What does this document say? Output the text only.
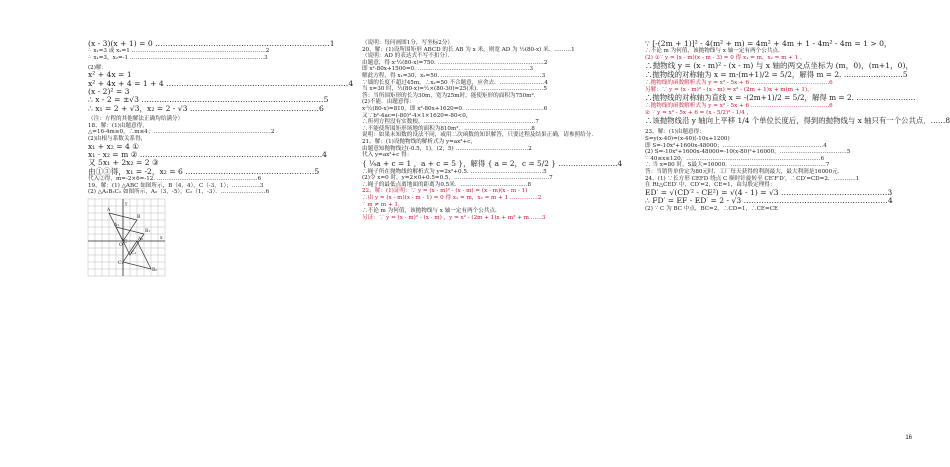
(x - 3)(x + 1) = 0 ……………………………………………………………1
∴ x₁=3 或 x₂=1 ………………………………………………………………2
∴ x₁=3，x₂=-1 ………………………………………………………………3
(2)解：
x² + 4x = 1
x² + 4x + 4 = 1 + 4 ………………………………………………………………4
(x - 2)² = 3
∴ x - 2 = ±√3 ………………………………………………………………5
∴ x₁ = 2 + √3，x₂ = 2 - √3 ……………………………………………6
（注：方程的其他解法正确均给满分）
18、解：(1)由题意得，
△=16-4m≥0，∴m≤4；………………………………………………………2
(2)由根与系数关系得，
x₁ + x₂ = 4 ①
x₁ · x₂ = m ② ………………………………………………………………4
又 5x₁ + 2x₂ = 2 ③
由①③得，x₁ = -2，x₂ = 6 ……………………………………………5
代入②得，m=-2×6=-12. ………………………………………………6
19、解：(1) △ABC 如图所示，B（4，4），C（-3，1）；……………3
(2) △A₂B₂C₂ 如图所示，A₂（3，-5），C₂（1，-3）．……………………6
A
B
C
A₁
B₁
C₁
A₂
B₂
C₂
O
x
y
（说明：每问画图1分，写坐标2分）
20、解：(1)设所围矩形 ABCD 的长 AB 为 x 米，则宽 AD 为 ½(80-x) 米．………1
（说明：AD 的表达式不写不扣分）．
由题意，得 x·½(80-x)=750. …………………………………………………2
即 x²-80x+1500=0. ……………………………………………………3
解此方程，得 x₁=30，x₂=50. ………………………………………………3
∵墙的长度不超过45m，∴x₂=50 不合题意，应舍去．……………………4
当 x=30 时，½(80-x)=½×(80-30)=25(米)．……………………………5
答：当所围矩形的长为30m，宽为25m时，能使矩形的面积为750m²．
(2)不能．由题意得：
x·½(80-x)=810，即 x²-80x+1620=0. ……………………………………6
又∵b²-4ac=(-80)²-4×1×1620=-80<0，
∴所列方程没有实数根，……………………………………………………7
∴不能使所围矩形场地的面积为810m²．………………………………8
说明：如果未知数的设法不同，或用二次函数的知识解答，只要过程及结果正确，请参照给分．
21、解：(1)设抛物线的解析式为 y=ax²+c，
由题意知抛物线过(-0.5，1)，(2，5) …………………………………2
代入 y=ax²+c 得：
{ ¼a + c = 1 ，a + c = 5 }，解得 { a = 2，c = 5/2 } ……………………4
∴绳子所在抛物线的解析式为 y=2x²+0.5. …………………………………5
(2)令 x=0 时，y=2×0+0.5=0.5，……………………………………………7
∴绳子的最低点离地面的距离为0.5米．………………………………8
22、解：(1)证明：∵ y = (x - m)² - (x - m) = (x - m)(x - m - 1)
∴由 y = (x - m)(x - m - 1) = 0 得 x₁ = m，x₂ = m + 1 ……………2
∵ m ≠ m + 1，
∴不论 m 为何值，该抛物线与 x 轴一定有两个公共点．
另证：∵ y = (x - m)² - (x - m) ，y = x² - (2m + 1)x + m² + m ……3
∵ [-(2m + 1)]² - 4(m² + m) = 4m² + 4m + 1 - 4m² - 4m = 1 > 0，
∴不论 m 为何值，该抛物线与 x 轴一定有两个公共点．
(2) ①∵ y = (x - m)(x - m - 3) = 0 得 x₁ = m，x₂ = m + 1 ，
∴抛物线 y = (x - m)² - (x - m) 与 x 轴的两交点坐标为 (m，0)，(m+1，0)，
∴抛物线的对称轴为 x = m·(m+1)/2 = 5/2，解得 m = 2. ……………………5
∴抛物线的函数解析式为 y = x² - 5x + 6 ……………………………………6
另解：∵ y = (x - m)² - (x - m) = x² - (2m + 1)x + m(m + 1)，
∴抛物线的对称轴为直线 x = -(2m+1)/2 = 5/2，解得 m = 2. ……………………
∴抛物线的函数解析式为 y = x² - 5x + 6 ……………………………………6
② ∵ y = x² - 5x + 6 = (x - 5/2)² - 1/4 ，
∴该抛物线沿 y 轴向上平移 1/4 个单位长度后，得到的抛物线与 x 轴只有一个公共点．……8
23、解：(1)由题意得：
S=y(x-40)=(x-40)(-10x+1200)
即 S=-10x²+1600x-48000；………………………………………………4
(2) S=-10x²+1600x-48000=-10(x-80)²+16000，………………………………5
∵ 40≤x≤120，………………………………………………………………6
∴ 当 x=80 时，S最大=16000．……………………………………………7
答：当销售单价定为80元时，工厂每天获得的利润最大，最大利润是16000元．
24、(1) ∵长方形 CEFD 绕点 C 顺时针旋转至 CE′F′D′，∴CD′=CD=2．…………1
在 Rt△CED′ 中，CD′=2，CE=1，由勾股定理得：
ED′ = √(CD′² - CE²) = √(4 - 1) = √3 ……………………………………3
∴ FD′ = EF - ED′ = 2 - √3 …………………………………………………4
(2) ∵ C 为 BC 中点，BC=2，∴CD=1，∴CE=CE
16
